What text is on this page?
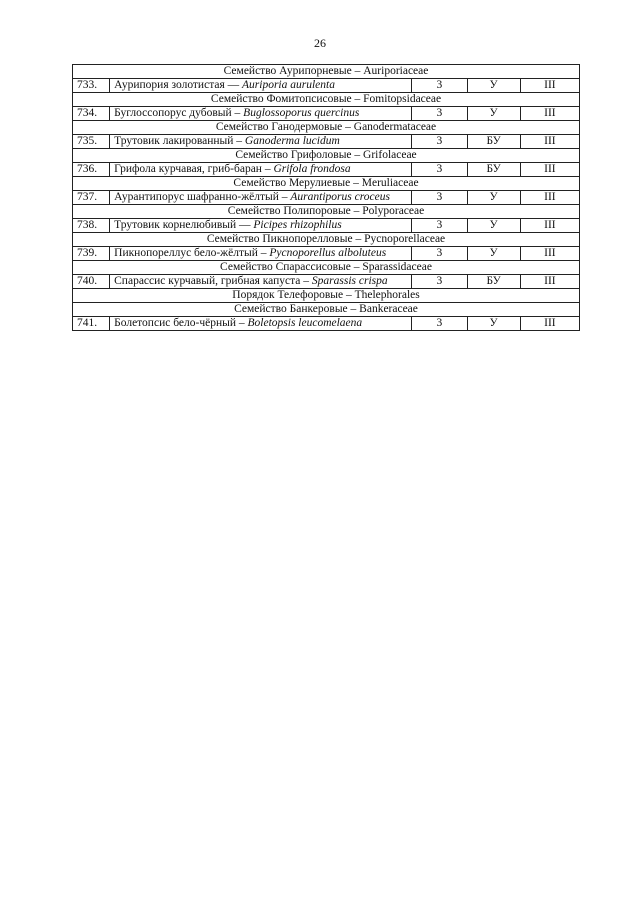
26
Семейство Аурипорневые – Auriporiaceae				
733.	Аурипория золотистая — Auriporia aurulenta	3	У	III
Семейство Фомитопсисовые – Fomitopsidaceae				
734.	Буглоссопорус дубовый – Buglossoporus quercinus	3	У	III
Семейство Ганодермовые – Ganodermataceae				
735.	Трутовик лакированный – Ganoderma lucidum	3	БУ	III
Семейство Грифоловые – Grifolaceae				
736.	Грифола курчавая, гриб-баран – Grifola frondosa	3	БУ	III
Семейство Мерулиевые – Meruliaceae				
737.	Аурантипорус шафранно-жёлтый – Aurantiporus croceus	3	У	III
Семейство Полипоровые – Polyporaceae				
738.	Трутовик корнелюбивый — Picipes rhizophilus	3	У	III
Семейство Пикнопорелловые – Pycnoporellaceae				
739.	Пикнопореллус бело-жёлтый – Pycnoporellus alboluteus	3	У	III
Семейство Спарассисовые – Sparassidaceae				
740.	Спарассис курчавый, грибная капуста – Sparassis crispa	3	БУ	III
Порядок Телефоровые – Thelephorales				
Семейство Банкеровые – Bankeraceae				
741.	Болетопсис бело-чёрный – Boletopsis leucomelaena	3	У	III
